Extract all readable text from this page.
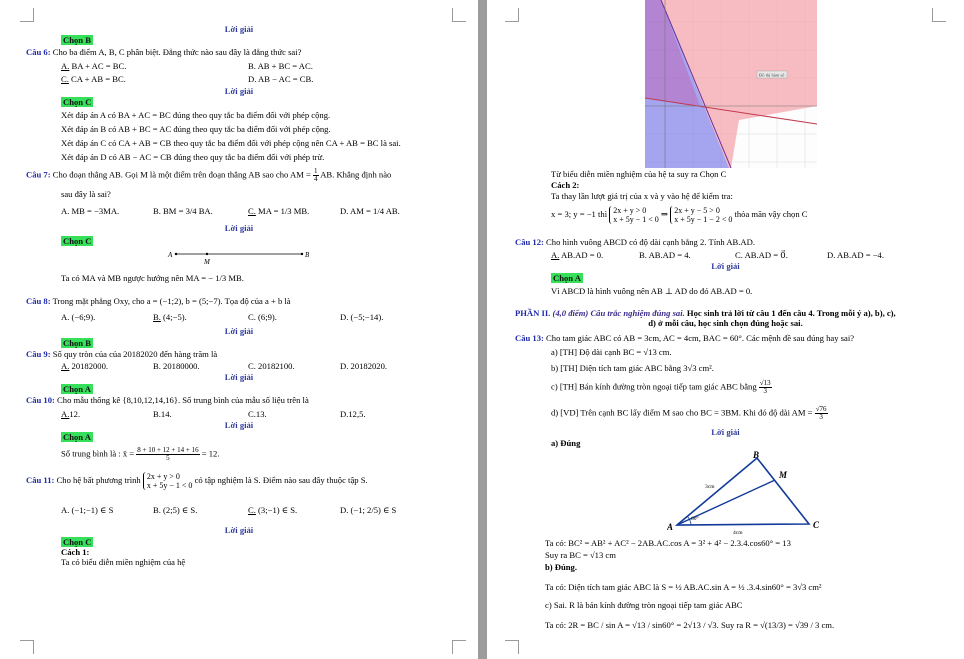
Lời giải
Chọn B
Câu 6: Cho ba điểm A, B, C phân biệt. Đẳng thức nào sau đây là đẳng thức sai?
A. BA + AC = BC.	B. AB + BC = AC.
C. CA + AB = BC.	D. AB − AC = CB.
Lời giải
Chọn C
Xét đáp án A có BA + AC = BC đúng theo quy tắc ba điểm đối với phép cộng.
Xét đáp án B có AB + BC = AC đúng theo quy tắc ba điểm đối với phép cộng.
Xét đáp án C có CA + AB = CB theo quy tắc ba điểm đối với phép cộng nên CA + AB = BC là sai.
Xét đáp án D có AB − AC = CB đúng theo quy tắc ba điểm đối với phép trừ.
Câu 7: Cho đoạn thẳng AB. Gọi M là một điểm trên đoạn thẳng AB sao cho AM = $\frac{1}{4}$ AB. Khẳng định nào
sau đây là sai?
A. MB = −3MA.	B. BM = 3/4 BA.	C. MA = 1/3 MB.	D. AM = 1/4 AB.
Lời giải
Chọn C
A	B
M
Ta có MA và MB ngược hướng nên MA = − 1/3 MB.
Câu 8: Trong mặt phẳng Oxy, cho a = (−1;2), b = (5;−7). Tọa độ của a + b là
A. (−6;9).	B. (4;−5).	C. (6;9).	D. (−5;−14).
Lời giải
Chọn B
Câu 9: Số quy tròn của của 20182020 đến hàng trăm là
A. 20182000.	B. 20180000.	C. 20182100.	D. 20182020.
Lời giải
Chọn A
Câu 10: Cho mẫu thống kê {8,10,12,14,16}. Số trung bình của mẫu số liệu trên là
A.12.	B.14.	C.13.	D.12,5.
Lời giải
Chọn A
Số trung bình là : x̄ = $\frac{8 + 10 + 12 + 14 + 16}{5} = 12$.
Câu 11: Cho hệ bất phương trình 2x + y > 0
x + 5y − 1 < 0
có tập nghiệm là S. Điểm nào sau đây thuộc tập S.
A. (−1;−1) ∈ S	B. (2;5) ∈ S.	C. (3;−1) ∈ S.	D. (−1; 2/5) ∈ S
Lời giải
Chọn C
Cách 1:
Ta có biểu diễn miền nghiệm của hệ
Đồ thị hàm số
Từ biểu diễn miền nghiệm của hệ ta suy ra Chọn C
Cách 2:
Ta thay lần lượt giá trị của x và y vào hệ để kiểm tra:
x = 3; y = −1 thì 2x + y > 0
x + 5y − 1 < 0
⇒ 2x + y − 5 > 0
x + 5y − 1 − 2 < 0
thỏa mãn vậy chọn C
Câu 12: Cho hình vuông ABCD có độ dài cạnh bằng 2. Tính AB.AD.
A. AB.AD = 0.	B. AB.AD = 4.	C. AB.AD = 0⃗.	D. AB.AD = −4.
Lời giải
Chọn A
Vì ABCD là hình vuông nên AB ⊥ AD do đó AB.AD = 0.
PHẦN II. (4,0 điểm) Câu trắc nghiệm đúng sai. Học sinh trả lời từ câu 1 đến câu 4. Trong mỗi ý a), b), c),
d) ở mỗi câu, học sinh chọn đúng hoặc sai.
Câu 13: Cho tam giác ABC có AB = 3cm, AC = 4cm, BAC = 60°. Các mệnh đề sau đúng hay sai?
a) [TH] Độ dài cạnh BC = √13 cm.
b) [TH] Diện tích tam giác ABC bằng 3√3 cm².
c) [TH] Bán kính đường tròn ngoại tiếp tam giác ABC bằng $\frac{√13}{3}$
d) [VD] Trên cạnh BC lấy điểm M sao cho BC = 3BM. Khi đó độ dài AM = $\frac{√76}{3}$
Lời giải
a) Đúng
B
M
A	C
3cm
4cm
60°
Ta có: BC² = AB² + AC² − 2AB.AC.cos A = 3² + 4² − 2.3.4.cos60° = 13
Suy ra BC = √13 cm
b) Đúng.
Ta có: Diện tích tam giác ABC là S = ½ AB.AC.sin A = ½ .3.4.sin60° = 3√3 cm²
c) Sai. R là bán kính đường tròn ngoại tiếp tam giác ABC
Ta có: 2R = BC / sin A = √13 / sin60° = 2√13 / √3. Suy ra R = √(13/3) = √39 / 3 cm.
